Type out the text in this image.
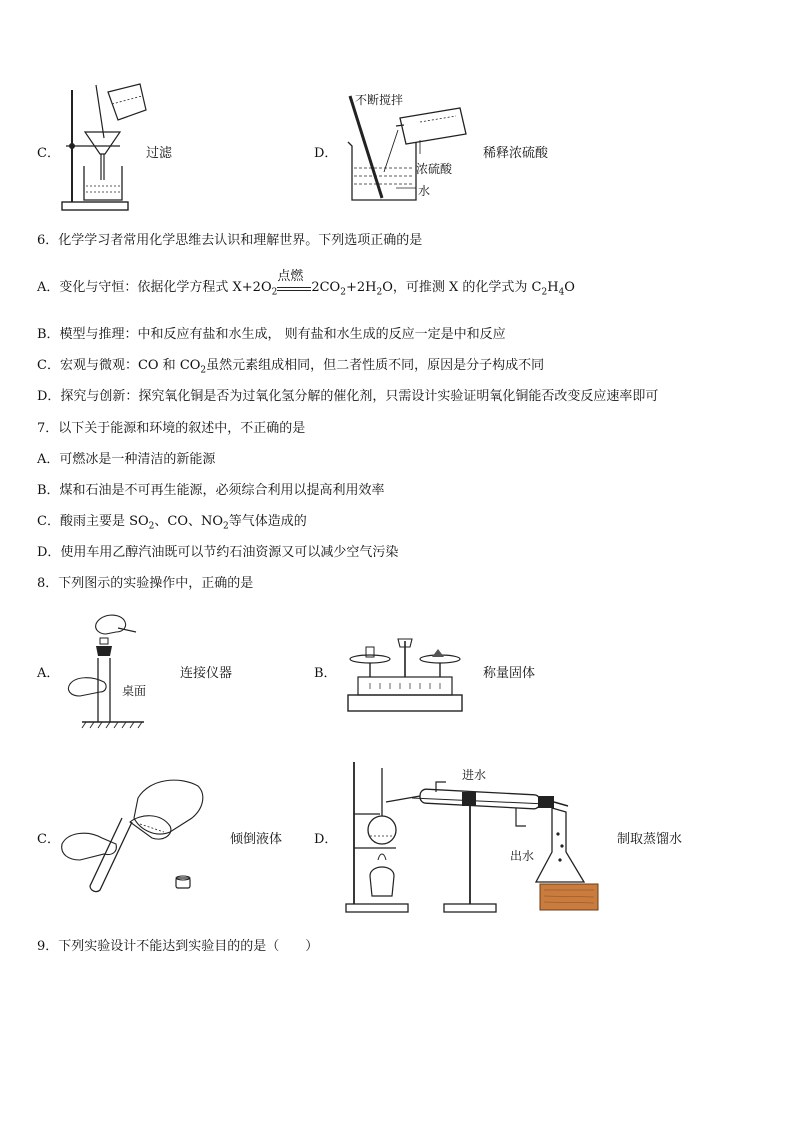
C．	过滤	D．
不断搅拌
浓硫酸
水
稀释浓硫酸
6．化学学习者常用化学思维去认识和理解世界。下列选项正确的是
A．变化与守恒：依据化学方程式 $X+2O_2$
点燃
$2CO_2+2H_2O$，可推测 X 的化学式为 $C_2H_4O$
B．模型与推理：中和反应有盐和水生成， 则有盐和水生成的反应一定是中和反应
C．宏观与微观：CO 和 $CO_2$虽然元素组成相同，但二者性质不同，原因是分子构成不同
D．探究与创新：探究氧化铜是否为过氧化氢分解的催化剂，只需设计实验证明氧化铜能否改变反应速率即可
7．以下关于能源和环境的叙述中，不正确的是
A．可燃冰是一种清洁的新能源
B．煤和石油是不可再生能源，必须综合利用以提高利用效率
C．酸雨主要是 $SO_2$、CO、$NO_2$等气体造成的
D．使用车用乙醇汽油既可以节约石油资源又可以减少空气污染
8．下列图示的实验操作中，正确的是
A．
桌面
连接仪器	B．	称量固体
C．	倾倒液体 D．
进水
出水
制取蒸馏水
9．下列实验设计不能达到实验目的的是（　　）
